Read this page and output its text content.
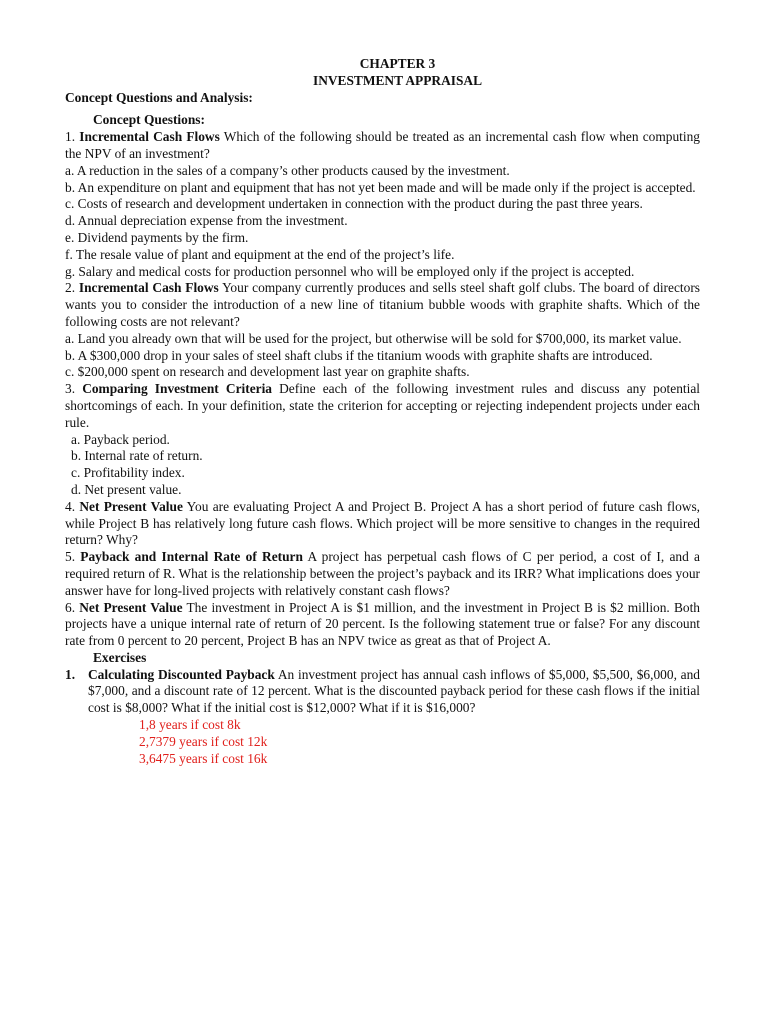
CHAPTER 3

INVESTMENT APPRAISAL

Concept Questions and Analysis:

Concept Questions:

1. Incremental Cash Flows Which of the following should be treated as an incremental cash flow when computing the NPV of an investment?

a. A reduction in the sales of a company’s other products caused by the investment.

b. An expenditure on plant and equipment that has not yet been made and will be made only if the project is accepted.

c. Costs of research and development undertaken in connection with the product during the past three years.

d. Annual depreciation expense from the investment.

e. Dividend payments by the firm.

f. The resale value of plant and equipment at the end of the project’s life.

g. Salary and medical costs for production personnel who will be employed only if the project is accepted.

2. Incremental Cash Flows Your company currently produces and sells steel shaft golf clubs. The board of directors wants you to consider the introduction of a new line of titanium bubble woods with graphite shafts. Which of the following costs are not relevant?

a. Land you already own that will be used for the project, but otherwise will be sold for $700,000, its market value.

b. A $300,000 drop in your sales of steel shaft clubs if the titanium woods with graphite shafts are introduced.

c. $200,000 spent on research and development last year on graphite shafts.

3. Comparing Investment Criteria Define each of the following investment rules and discuss any potential shortcomings of each. In your definition, state the criterion for accepting or rejecting independent projects under each rule.

a. Payback period.

b. Internal rate of return.

c. Profitability index.

d. Net present value.

4. Net Present Value You are evaluating Project A and Project B. Project A has a short period of future cash flows, while Project B has relatively long future cash flows. Which project will be more sensitive to changes in the required return? Why?

5. Payback and Internal Rate of Return A project has perpetual cash flows of C per period, a cost of I, and a required return of R. What is the relationship between the project’s payback and its IRR? What implications does your answer have for long-lived projects with relatively constant cash flows?

6. Net Present Value The investment in Project A is $1 million, and the investment in Project B is $2 million. Both projects have a unique internal rate of return of 20 percent. Is the following statement true or false? For any discount rate from 0 percent to 20 percent, Project B has an NPV twice as great as that of Project A.

Exercises

1. Calculating Discounted Payback An investment project has annual cash inflows of $5,000, $5,500, $6,000, and $7,000, and a discount rate of 12 percent. What is the discounted payback period for these cash flows if the initial cost is $8,000? What if the initial cost is $12,000? What if it is $16,000?

1,8 years if cost 8k

2,7379 years if cost 12k

3,6475 years if cost 16k
